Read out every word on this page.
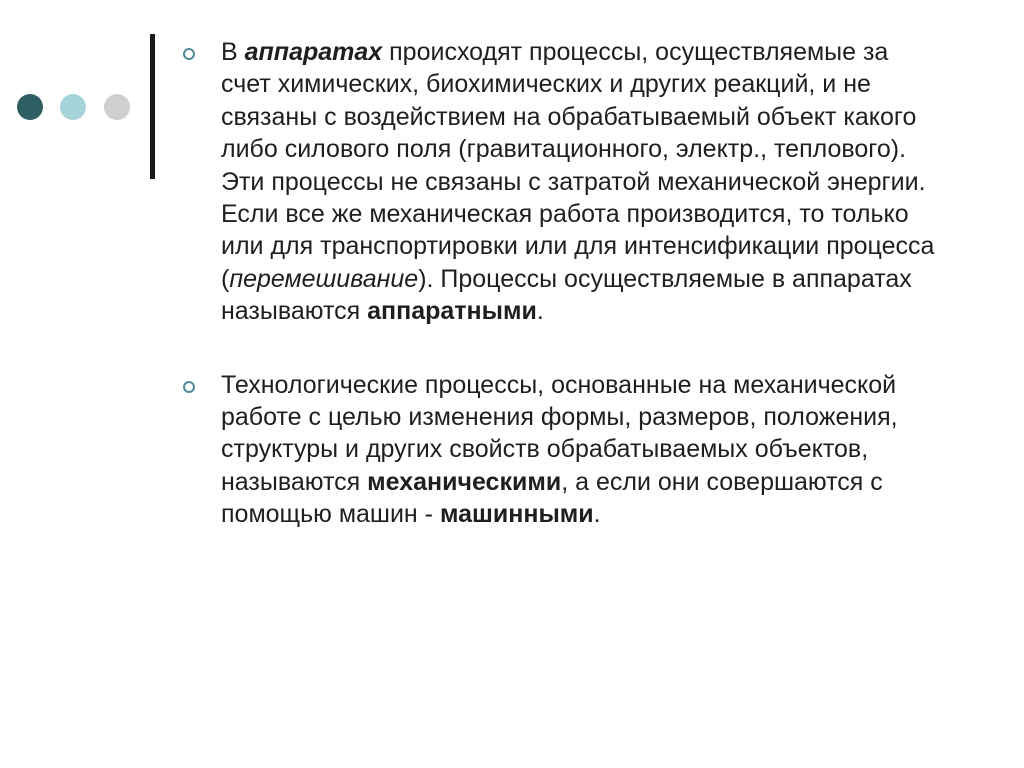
В аппаратах происходят процессы, осуществляемые за счет химических, биохимических и других реакций, и не связаны с воздействием на обрабатываемый объект какого либо силового поля (гравитационного, электр., теплового). Эти процессы не связаны с затратой механической энергии. Если все же механическая работа производится, то только или для транспортировки или для интенсификации процесса (перемешивание). Процессы осуществляемые в аппаратах называются аппаратными.
Технологические процессы, основанные на механической работе с целью изменения формы, размеров, положения, структуры и других свойств обрабатываемых объектов, называются механическими, а если они совершаются с помощью машин - машинными.
